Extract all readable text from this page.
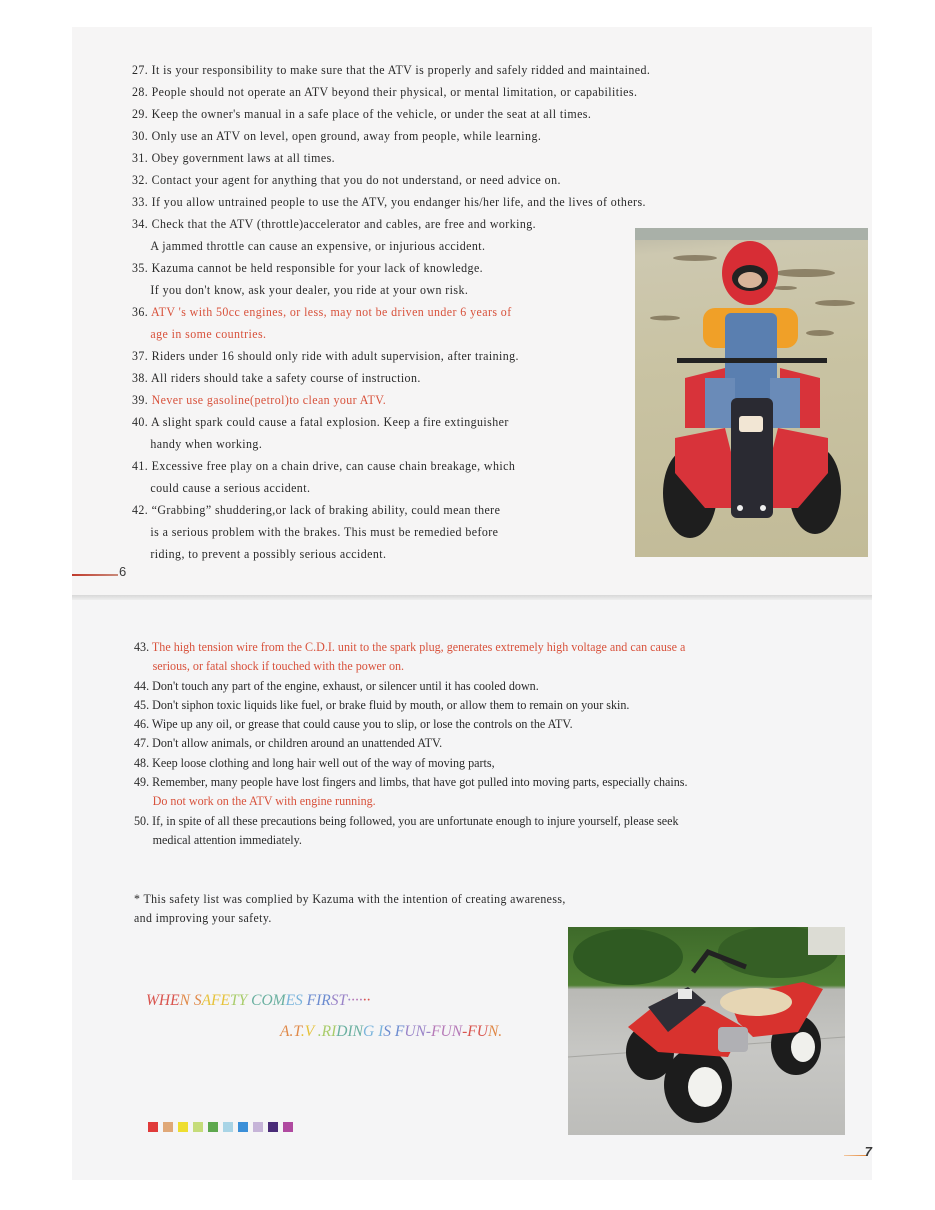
27. It is your responsibility to make sure that the ATV is properly and safely ridded and maintained.
28. People should not operate an ATV beyond their physical, or mental limitation, or capabilities.
29. Keep the owner's manual in a safe place of the vehicle, or under the seat at all times.
30. Only use an ATV on level, open ground, away from people, while learning.
31. Obey government laws at all times.
32. Contact your agent for anything that you do not understand, or need advice on.
33. If you allow untrained people to use the ATV, you endanger his/her life, and the lives of others.
34. Check that the ATV (throttle)accelerator and cables, are free and working.
A jammed throttle can cause an expensive, or injurious accident.
35. Kazuma cannot be held responsible for your lack of knowledge.
If you don't know, ask your dealer, you ride at your own risk.
36. ATV 's with 50cc engines, or less, may not be driven under 6 years of
age in some countries.
37. Riders under 16 should only ride with adult supervision, after training.
38. All riders should take a safety course of instruction.
39. Never use gasoline(petrol)to clean your ATV.
40. A slight spark could cause a fatal explosion. Keep a fire extinguisher
handy when working.
41. Excessive free play on a chain drive, can cause chain breakage, which
could cause a serious accident.
42. “Grabbing” shuddering,or lack of braking ability, could mean there
is a serious problem with the brakes. This must be remedied before
riding, to prevent a possibly serious accident.
6
43. The high tension wire from the C.D.I. unit to the spark plug, generates extremely high voltage and can cause a
serious, or fatal shock if touched with the power on.
44. Don't touch any part of the engine, exhaust, or silencer until it has cooled down.
45. Don't siphon toxic liquids like fuel, or brake fluid by mouth, or allow them to remain on your skin.
46. Wipe up any oil, or grease that could cause you to slip, or lose the controls on the ATV.
47. Don't allow animals, or children around an unattended ATV.
48. Keep loose clothing and long hair well out of the way of moving parts,
49. Remember, many people have lost fingers and limbs, that have got pulled into moving parts, especially chains.
Do not work on the ATV with engine running.
50. If, in spite of all these precautions being followed, you are unfortunate enough to injure yourself, please seek
medical attention immediately.
* This safety list was complied by Kazuma with the intention of creating awareness,
and improving your safety.
WHEN SAFETY COMES FIRST······
A.T.V .RIDING IS FUN-FUN-FUN.
7
